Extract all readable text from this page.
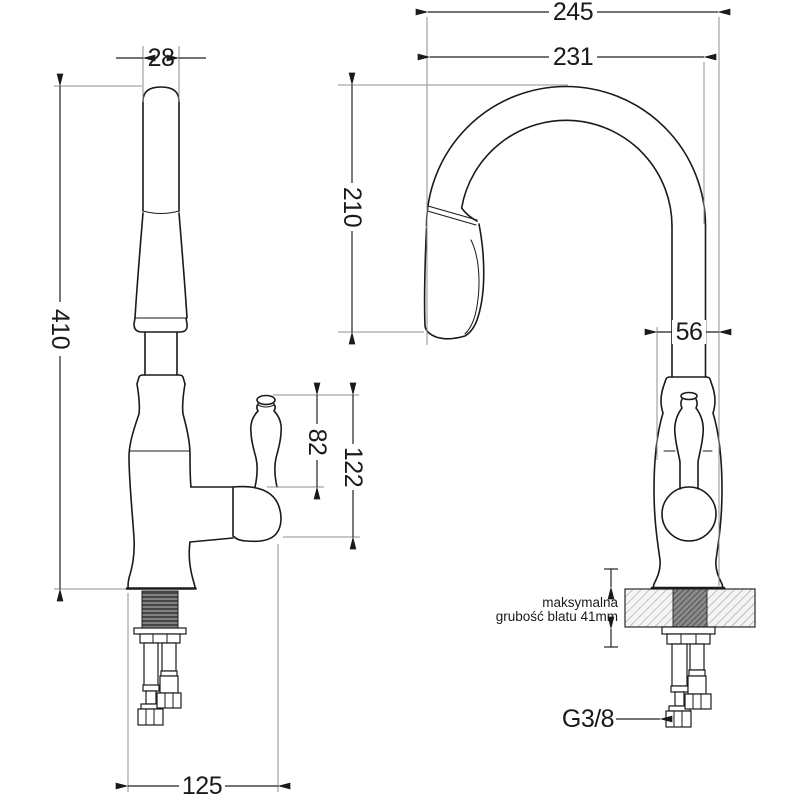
28
410
82
122
125
245
231
210
56
maksymalna
grubość blatu 41mm
G3/8
